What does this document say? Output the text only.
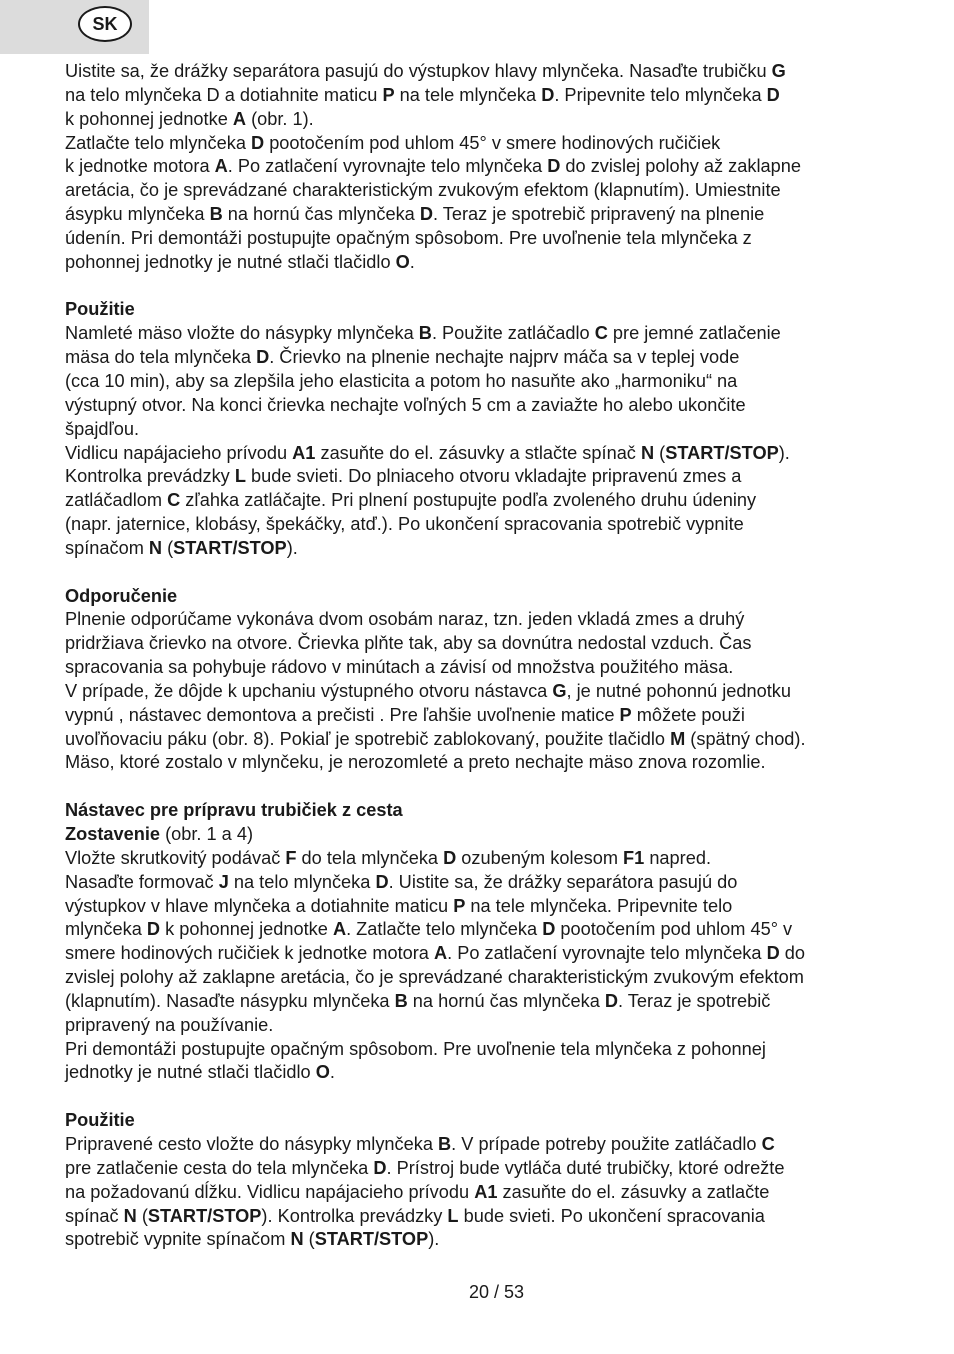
SK
Uistite sa, že drážky separátora pasujú do výstupkov hlavy mlynčeka. Nasaďte trubičku G
na telo mlynčeka D a dotiahnite maticu P na tele mlynčeka D. Pripevnite telo mlynčeka D
k pohonnej jednotke A (obr. 1).
Zatlačte telo mlynčeka D pootočením pod uhlom 45° v smere hodinových ručičiek
k jednotke motora A. Po zatlačení vyrovnajte telo mlynčeka D do zvislej polohy až zaklapne
aretácia, čo je sprevádzané charakteristickým zvukovým efektom (klapnutím). Umiestnite
ásypku mlynčeka B na hornú čas mlynčeka D. Teraz je spotrebič pripravený na plnenie
údenín. Pri demontáži postupujte opačným spôsobom. Pre uvoľnenie tela mlynčeka z
pohonnej jednotky je nutné stlači tlačidlo O.
Použitie
Namleté mäso vložte do násypky mlynčeka B. Použite zatláčadlo C pre jemné zatlačenie
mäsa do tela mlynčeka D. Črievko na plnenie nechajte najprv máča sa v teplej vode
(cca 10 min), aby sa zlepšila jeho elasticita a potom ho nasuňte ako „harmoniku“ na
výstupný otvor. Na konci črievka nechajte voľných 5 cm a zaviažte ho alebo ukončite
špajdľou.
Vidlicu napájacieho prívodu A1 zasuňte do el. zásuvky a stlačte spínač N (START/STOP).
Kontrolka prevádzky L bude svieti. Do plniaceho otvoru vkladajte pripravenú zmes a
zatláčadlom C zľahka zatláčajte. Pri plnení postupujte podľa zvoleného druhu údeniny
(napr. jaternice, klobásy, špekáčky, atď.). Po ukončení spracovania spotrebič vypnite
spínačom N (START/STOP).
Odporučenie
Plnenie odporúčame vykonáva dvom osobám naraz, tzn. jeden vkladá zmes a druhý
pridržiava črievko na otvore. Črievka plňte tak, aby sa dovnútra nedostal vzduch. Čas
spracovania sa pohybuje rádovo v minútach a závisí od množstva použitého mäsa.
V prípade, že dôjde k upchaniu výstupného otvoru nástavca G, je nutné pohonnú jednotku
vypnú , nástavec demontova a prečisti . Pre ľahšie uvoľnenie matice P môžete použi
uvoľňovaciu páku (obr. 8). Pokiaľ je spotrebič zablokovaný, použite tlačidlo M (spätný chod).
Mäso, ktoré zostalo v mlynčeku, je nerozomleté a preto nechajte mäso znova rozomlie.
Nástavec pre prípravu trubičiek z cesta
Zostavenie (obr. 1 a 4)
Vložte skrutkovitý podávač F do tela mlynčeka D ozubeným kolesom F1 napred.
Nasaďte formovač J na telo mlynčeka D. Uistite sa, že drážky separátora pasujú do
výstupkov v hlave mlynčeka a dotiahnite maticu P na tele mlynčeka. Pripevnite telo
mlynčeka D k pohonnej jednotke A. Zatlačte telo mlynčeka D pootočením pod uhlom 45° v
smere hodinových ručičiek k jednotke motora A. Po zatlačení vyrovnajte telo mlynčeka D do
zvislej polohy až zaklapne aretácia, čo je sprevádzané charakteristickým zvukovým efektom
(klapnutím). Nasaďte násypku mlynčeka B na hornú čas mlynčeka D. Teraz je spotrebič
pripravený na používanie.
Pri demontáži postupujte opačným spôsobom. Pre uvoľnenie tela mlynčeka z pohonnej
jednotky je nutné stlači tlačidlo O.
Použitie
Pripravené cesto vložte do násypky mlynčeka B. V prípade potreby použite zatláčadlo C
pre zatlačenie cesta do tela mlynčeka D. Prístroj bude vytláča duté trubičky, ktoré odrežte
na požadovanú dĺžku. Vidlicu napájacieho prívodu A1 zasuňte do el. zásuvky a zatlačte
spínač N (START/STOP). Kontrolka prevádzky L bude svieti. Po ukončení spracovania
spotrebič vypnite spínačom N (START/STOP).
20 / 53
